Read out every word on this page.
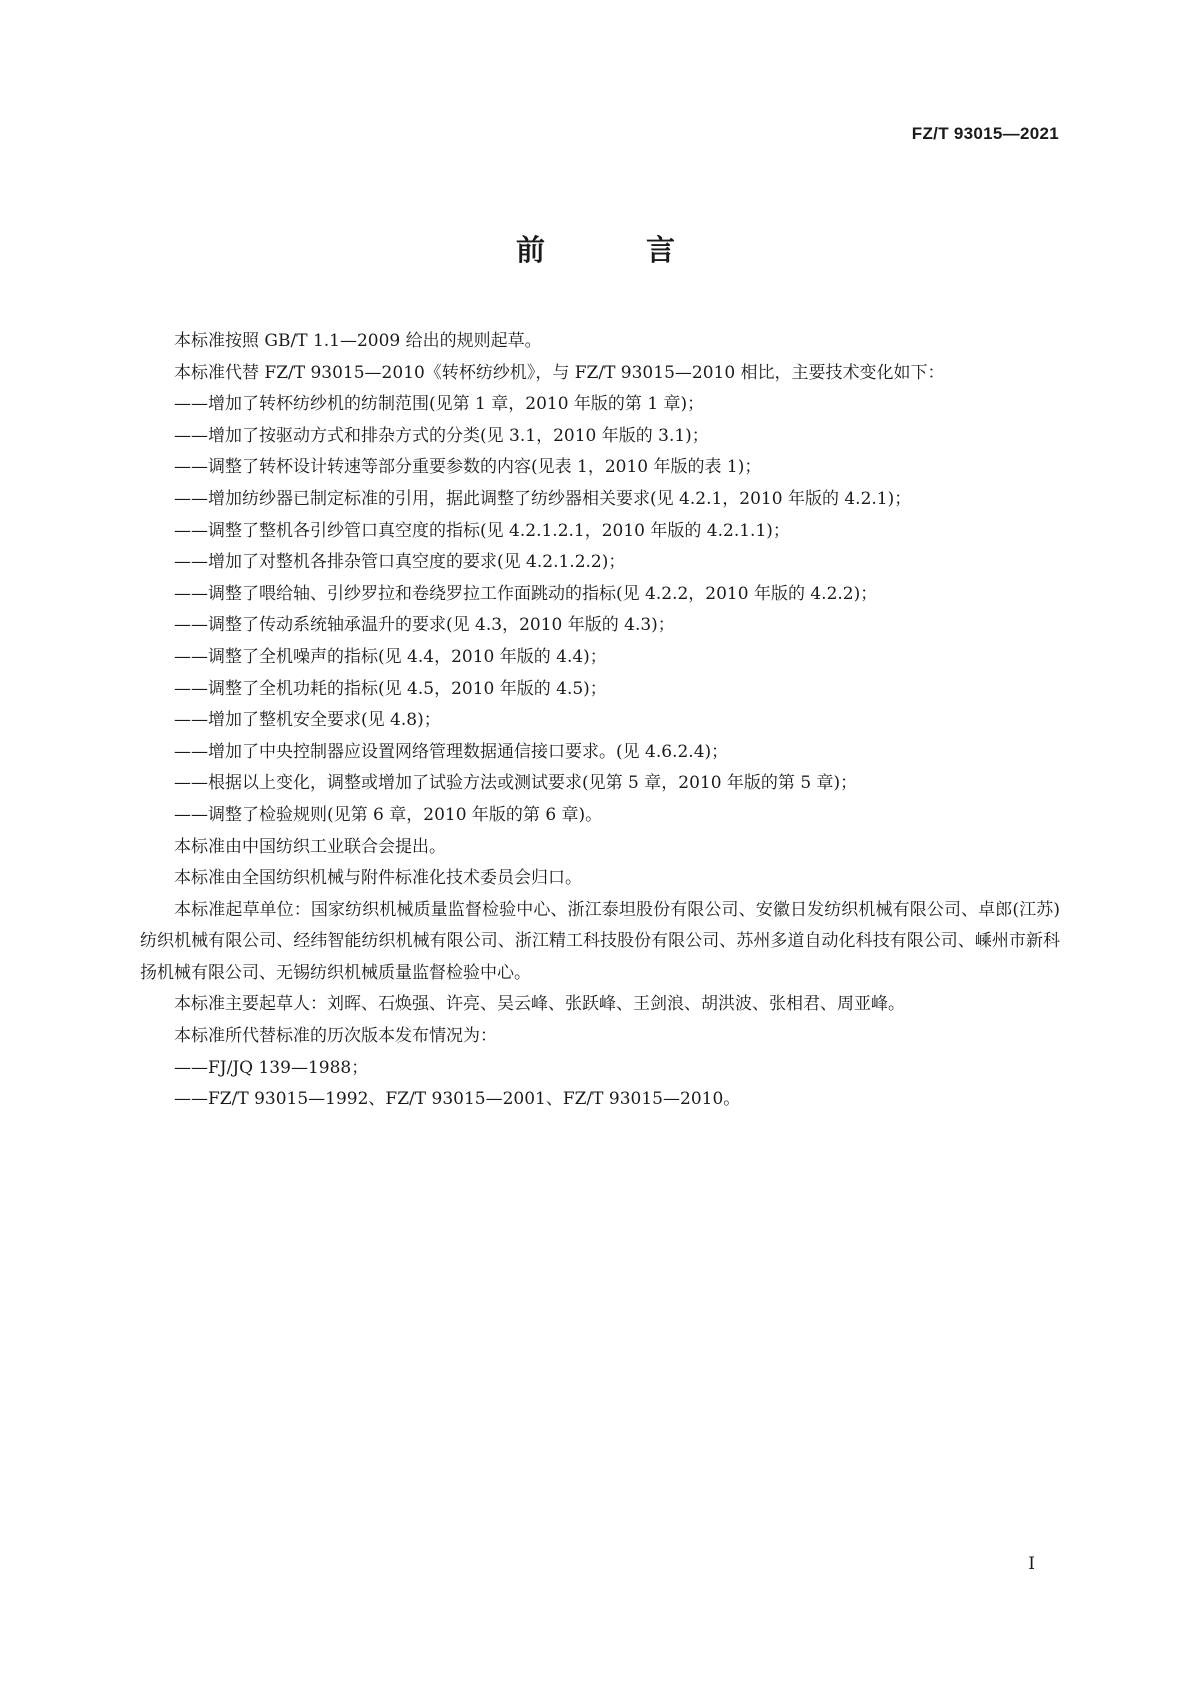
FZ/T 93015—2021
前　言

本标准按照 GB/T 1.1—2009 给出的规则起草。

本标准代替 FZ/T 93015—2010《转杯纺纱机》，与 FZ/T 93015—2010 相比，主要技术变化如下：

——增加了转杯纺纱机的纺制范围(见第 1 章，2010 年版的第 1 章)；

——增加了按驱动方式和排杂方式的分类(见 3.1，2010 年版的 3.1)；

——调整了转杯设计转速等部分重要参数的内容(见表 1，2010 年版的表 1)；

——增加纺纱器已制定标准的引用，据此调整了纺纱器相关要求(见 4.2.1，2010 年版的 4.2.1)；

——调整了整机各引纱管口真空度的指标(见 4.2.1.2.1，2010 年版的 4.2.1.1)；

——增加了对整机各排杂管口真空度的要求(见 4.2.1.2.2)；

——调整了喂给轴、引纱罗拉和卷绕罗拉工作面跳动的指标(见 4.2.2，2010 年版的 4.2.2)；

——调整了传动系统轴承温升的要求(见 4.3，2010 年版的 4.3)；

——调整了全机噪声的指标(见 4.4，2010 年版的 4.4)；

——调整了全机功耗的指标(见 4.5，2010 年版的 4.5)；

——增加了整机安全要求(见 4.8)；

——增加了中央控制器应设置网络管理数据通信接口要求。(见 4.6.2.4)；

——根据以上变化，调整或增加了试验方法或测试要求(见第 5 章，2010 年版的第 5 章)；

——调整了检验规则(见第 6 章，2010 年版的第 6 章)。

本标准由中国纺织工业联合会提出。

本标准由全国纺织机械与附件标准化技术委员会归口。

本标准起草单位：国家纺织机械质量监督检验中心、浙江泰坦股份有限公司、安徽日发纺织机械有限公司、卓郎(江苏)纺织机械有限公司、经纬智能纺织机械有限公司、浙江精工科技股份有限公司、苏州多道自动化科技有限公司、嵊州市新科扬机械有限公司、无锡纺织机械质量监督检验中心。

本标准主要起草人：刘晖、石焕强、许亮、吴云峰、张跃峰、王剑浪、胡洪波、张相君、周亚峰。

本标准所代替标准的历次版本发布情况为：

——FJ/JQ 139—1988；

——FZ/T 93015—1992、FZ/T 93015—2001、FZ/T 93015—2010。

I
